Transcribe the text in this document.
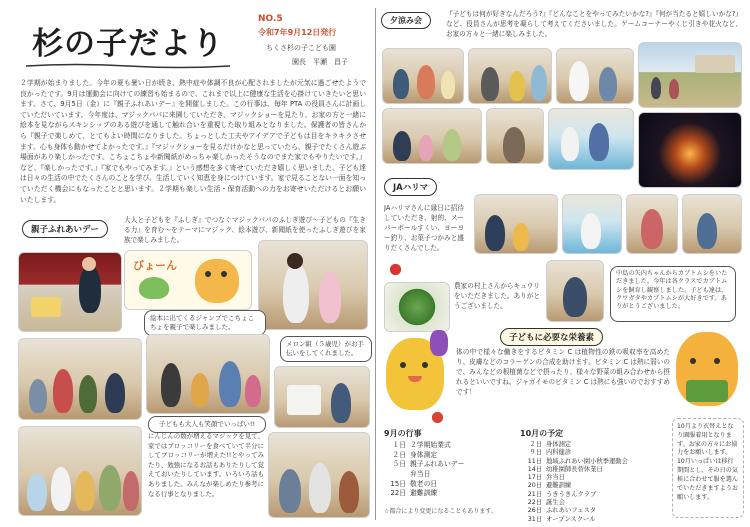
杉の子だより
NO.5
令和7年9月12日発行
ちくさ杉の子こども園
園長　平瀬　昌子
２学期が始まりました。今年の夏も暑い日が続き、熱中症や体調不良が心配されましたが元気に過ごせたようで良かったです。9月は運動会に向けての練習も始まるので、これまで以上に健康な生活を心掛けていきたいと思います。さて、9月5日（金）に『親子ふれあいデー』を開催しました。この行事は、毎年 PTA の役員さんに計画していただいています。今年度は、マジックパパに来園していただき、マジックショーを見たり、お家の方と一緒に絵本を見ながらスキンシップのある遊びを通して触れ合いを重視した取り組みとなりました。保護者の皆さんから『親子で楽しめて、とてもよい時間になりました。ちょっとした工夫やアイデアで子どもは目をキラキラさせます。心も身体も動かせてよかったです。』『マジックショーを見るだけかなと思っていたら、親子でたくさん遊ぶ場面があり楽しかったです。こちょこちょや新聞紙がめっちゃ楽しかったそうなのでまた家でもやりたいです。』など、『楽しかったです。』『家でもやってみます。』という感想を多く寄せていただき嬉しく思いました。子ども達は日々の生活の中でたくさんのことを学び、生活していく知恵を身につけています。家で見ることない一面を知っていただく機会にもなったことと思います。２学期も楽しい生活・保育活動への力をお寄せいただけるとお願いいたします。
親子ふれあいデー
大人と子どもを『ふしぎ』でつなぐマジックパパのふしぎ遊び～子どもの『生きる力』を育む～をテーマにマジック、絵本遊び、新聞紙を使ったふしぎ遊びを家族で楽しみました。
びょーん
絵本に出てくるジャンプでこちょこちょを親子で楽しみました。
メロン組（５歳児）がお手伝いをしてくれました。
子どもも大人も笑顔でいっぱい!!
にんじんの数が増えるマジックを見て、家ではブロッコリーを食べていて半分にしてブロッコリーが増えた!!とやってみたり、勉強になるお話もありたりして覚えておいたりしています。いろいろ話もありました。みんなが楽しめたり参考になる行事となりました。
夕涼み会
『子どもは何が好きなんだろう?』『どんなことをやってみたいかな?』『何が当たると嬉しいかな?』など、役員さんが思考を凝らして考えてくださいました。ゲームコーナーやくじ引きや花火など、お家の方々と一緒に楽しみました。
JAハリマ
JAハリマさんに縁日に招待していただき、射的、スーパーボールすくい、ヨーヨー釣り、お菓子つかみと盛りだくさんでした。
農家の村上さんからキュウリをいただきました。ありがとうございました。
中島の矢内ちゃんからカブトムシをいただきました。今年は各クラスでカブトムシを飼育し観察しました。子ども達は、クワガタやカブトムシが大好きです。ありがとうございました。
子どもに必要な栄養素
体の中で様々な働きをするビタミン C は植物性の鉄の吸収率を高めたり、皮膚などのコラーゲンの合成を助けます。ビタミン C は熱に弱いので、みんなどの根植菌などで摂ったり、様々な野菜の組み合わせから摂れるといいですね。ジャガイモのビタミン C は熱にも強いのでおすすめです！
9月の行事
１日 ２学期始業式
２日 身体測定
５日 親子ふれあいデー
弁当日
15日 敬老の日
22日 避難訓練
☆都合により変更になることもあります。
10月の予定
２日 身体測定
９日 内科健診
11日 地域ふれあい園小秋季運動会
14日 幼稚園師長替休業日
17日 弁当日
20日 避難訓練
21日 うきうきんクラブ
22日 誕生会
26日 ふれあいフェスタ
31日 オープンスクール
10月より衣替えとなり園服着用となります。お家の方々にお協力をお願いします。10月いっぱいは移行期間とし、その日の気候に合わせて服を選んでいただきますようお願いします。
